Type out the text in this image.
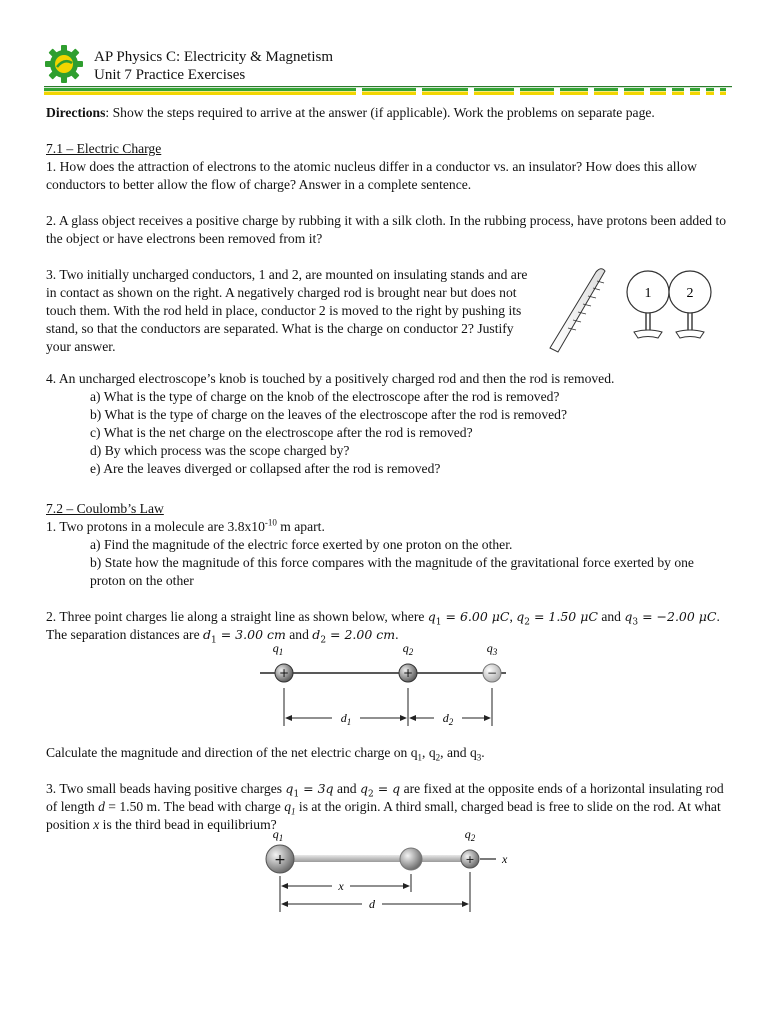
AP Physics C: Electricity & Magnetism
Unit 7 Practice Exercises

Directions: Show the steps required to arrive at the answer (if applicable). Work the problems on separate page.

7.1 – Electric Charge

1. How does the attraction of electrons to the atomic nucleus differ in a conductor vs. an insulator? How does this allow conductors to better allow the flow of charge? Answer in a complete sentence.

2. A glass object receives a positive charge by rubbing it with a silk cloth. In the rubbing process, have protons been added to the object or have electrons been removed from it?

3. Two initially uncharged conductors, 1 and 2, are mounted on insulating stands and are in contact as shown on the right. A negatively charged rod is brought near but does not touch them. With the rod held in place, conductor 2 is moved to the right by pushing its stand, so that the conductors are separated. What is the charge on conductor 2? Justify your answer.

4. An uncharged electroscope’s knob is touched by a positively charged rod and then the rod is removed.

a) What is the type of charge on the knob of the electroscope after the rod is removed?

b) What is the type of charge on the leaves of the electroscope after the rod is removed?

c) What is the net charge on the electroscope after the rod is removed?

d) By which process was the scope charged by?

e) Are the leaves diverged or collapsed after the rod is removed?

7.2 – Coulomb’s Law

1. Two protons in a molecule are $3.8x10^{-10}$ m apart.

a) Find the magnitude of the electric force exerted by one proton on the other.

b) State how the magnitude of this force compares with the magnitude of the gravitational force exerted by one proton on the other

2. Three point charges lie along a straight line as shown below, where $q_1 = 6.00$ μC, $q_2 = 1.50$ μC and $q_3 = -2.00$ μC. The separation distances are $d_1 = 3.00$ cm and $d_2 = 2.00$ cm.

Calculate the magnitude and direction of the net electric charge on $q_1$, $q_2$, and $q_3$.

3. Two small beads having positive charges $q_1 = 3q$ and $q_2 = q$ are fixed at the opposite ends of a horizontal insulating rod of length d = 1.50 m. The bead with charge $q_1$ is at the origin. A third small, charged bead is free to slide on the rod. At what position x is the third bead in equilibrium?

1	2
$q_1$	$q_2$	$q_3$
+	+	−
$d_1$	$d_2$
$q_1$	$q_2$
x
+	+
x
d
